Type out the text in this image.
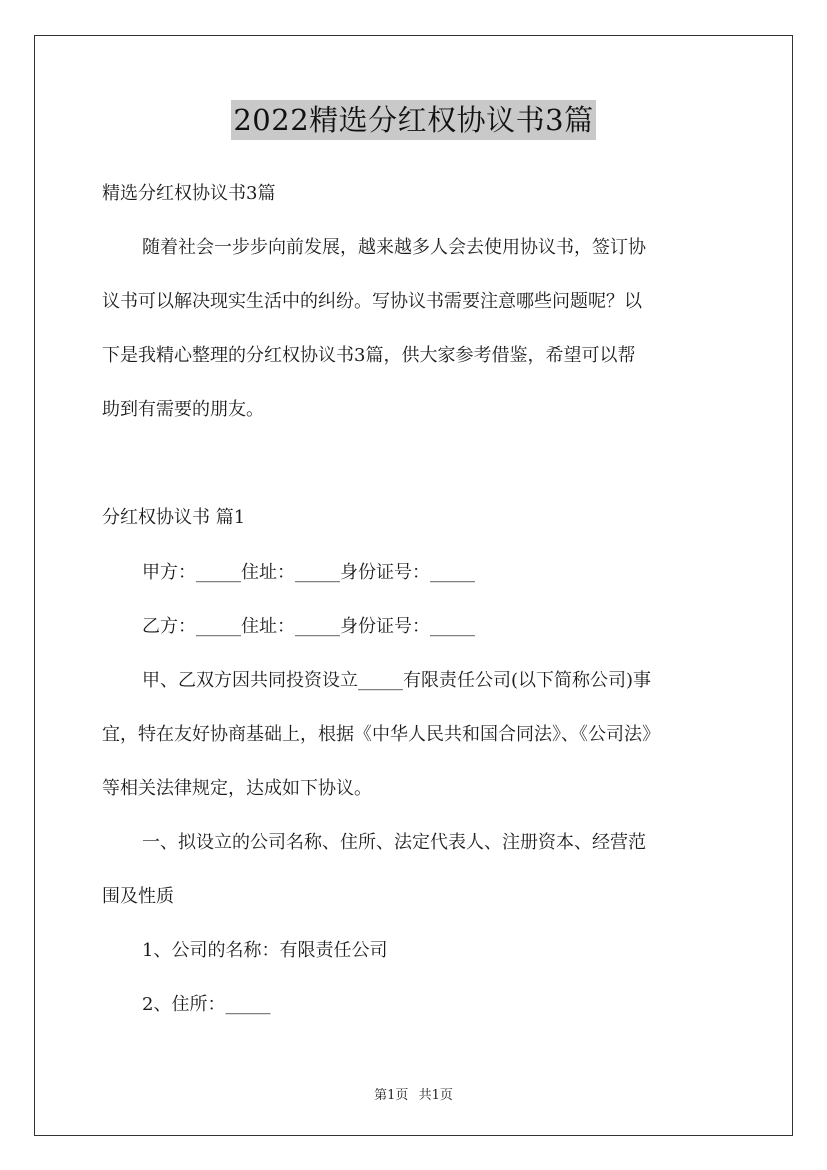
2022精选分红权协议书3篇
精选分红权协议书3篇
随着社会一步步向前发展，越来越多人会去使用协议书，签订协
议书可以解决现实生活中的纠纷。写协议书需要注意哪些问题呢？以
下是我精心整理的分红权协议书3篇，供大家参考借鉴，希望可以帮
助到有需要的朋友。
分红权协议书 篇1
甲方：_____住址：_____身份证号：_____
乙方：_____住址：_____身份证号：_____
甲、乙双方因共同投资设立_____有限责任公司(以下简称公司)事
宜，特在友好协商基础上，根据《中华人民共和国合同法》、《公司法》
等相关法律规定，达成如下协议。
一、拟设立的公司名称、住所、法定代表人、注册资本、经营范
围及性质
1、公司的名称：有限责任公司
2、住所：_____
第1页 共1页
